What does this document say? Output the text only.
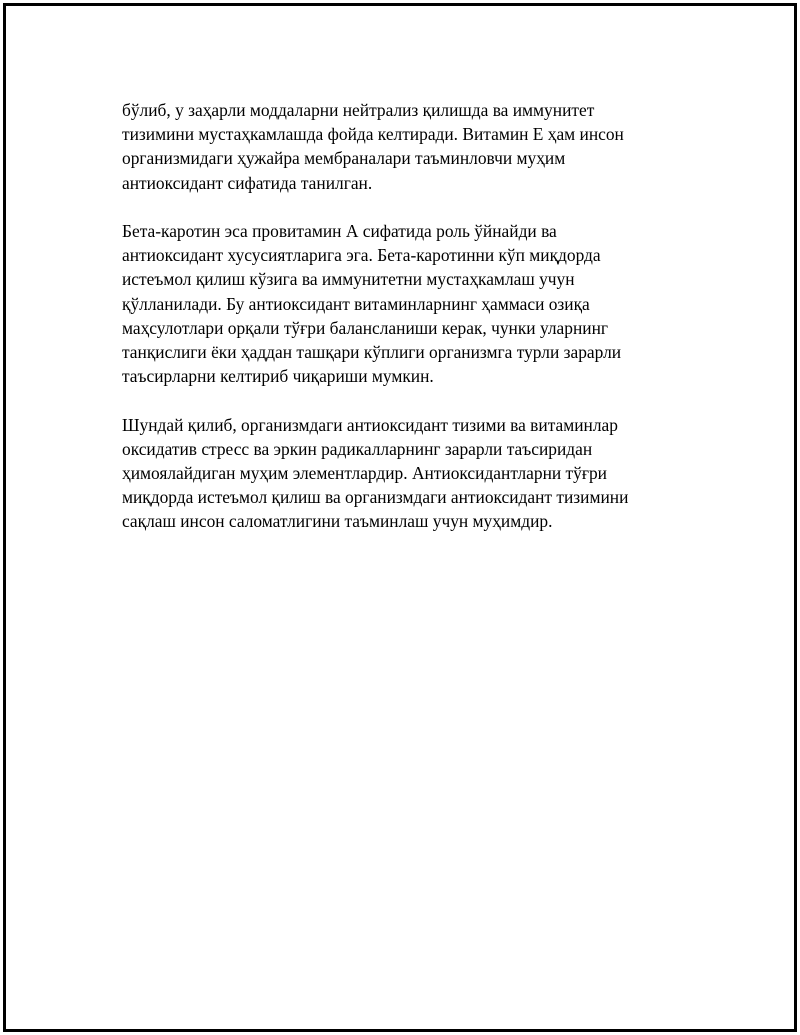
бўлиб, у заҳарли моддаларни нейтрализ қилишда ва иммунитет
тизимини мустаҳкамлашда фойда келтиради. Витамин Е ҳам инсон
организмидаги ҳужайра мембраналари таъминловчи муҳим
антиоксидант сифатида танилган.

Бета-каротин эса провитамин А сифатида роль ўйнайди ва
антиоксидант хусусиятларига эга. Бета-каротинни кўп миқдорда
истеъмол қилиш кўзига ва иммунитетни мустаҳкамлаш учун
қўлланилади. Бу антиоксидант витаминларнинг ҳаммаси озиқа
маҳсулотлари орқали тўғри балансланиши керак, чунки уларнинг
танқислиги ёки ҳаддан ташқари кўплиги организмга турли зарарли
таъсирларни келтириб чиқариши мумкин.

Шундай қилиб, организмдаги антиоксидант тизими ва витаминлар
оксидатив стресс ва эркин радикалларнинг зарарли таъсиридан
ҳимоялайдиган муҳим элементлардир. Антиоксидантларни тўғри
миқдорда истеъмол қилиш ва организмдаги антиоксидант тизимини
сақлаш инсон саломатлигини таъминлаш учун муҳимдир.
